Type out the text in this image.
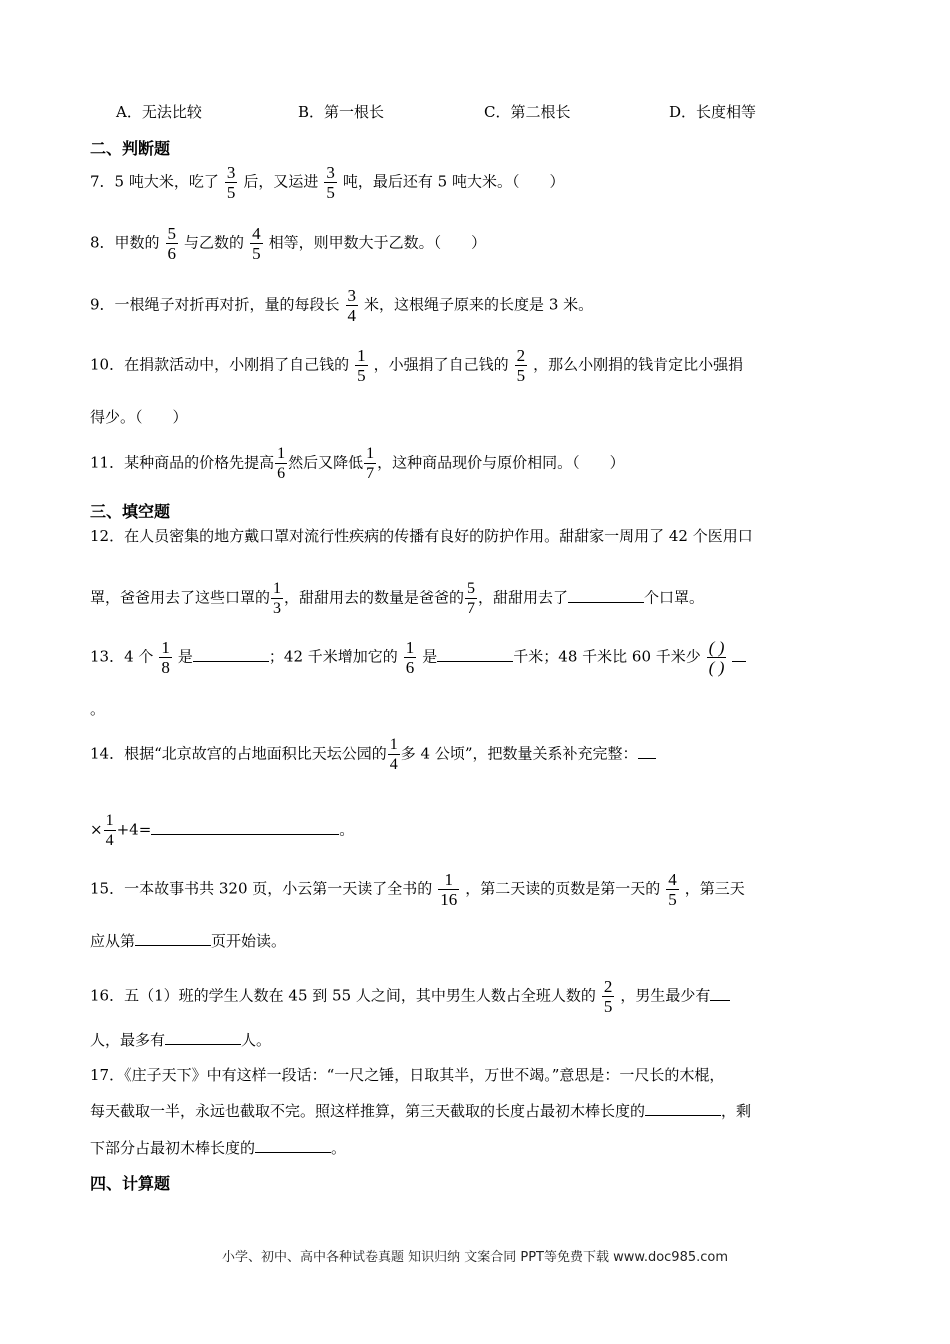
A．无法比较	B．第一根长	C．第二根长	D．长度相等
二、判断题
7．5 吨大米，吃了 $\frac{3}{5}$ 后，又运进 $\frac{3}{5}$ 吨，最后还有 5 吨大米。（　　）
8．甲数的 $\frac{5}{6}$ 与乙数的 $\frac{4}{5}$ 相等，则甲数大于乙数。（　　）
9．一根绳子对折再对折，量的每段长 $\frac{3}{4}$ 米，这根绳子原来的长度是 3 米。
10．在捐款活动中，小刚捐了自己钱的 $\frac{1}{5}$ ，小强捐了自己钱的 $\frac{2}{5}$ ，那么小刚捐的钱肯定比小强捐
得少。（　　）
11．某种商品的价格先提高 $\frac{1}{6}$ 然后又降低 $\frac{1}{7}$ ，这种商品现价与原价相同。（　　）
三、填空题
12．在人员密集的地方戴口罩对流行性疾病的传播有良好的防护作用。甜甜家一周用了 42 个医用口
罩，爸爸用去了这些口罩的 $\frac{1}{3}$ ，甜甜用去的数量是爸爸的 $\frac{5}{7}$ ，甜甜用去了	个口罩。
13．4 个 $\frac{1}{8}$ 是	；42 千米增加它的 $\frac{1}{6}$ 是	千米；48 千米比 60 千米少 $\frac{( )}{( )}$
。
14．根据“北京故宫的占地面积比天坛公园的 $\frac{1}{4}$ 多 4 公顷”，把数量关系补充完整：
× $\frac{1}{4} +4=$	。
15．一本故事书共 320 页，小云第一天读了全书的 $\frac{1}{16}$ ，第二天读的页数是第一天的 $\frac{4}{5}$ ，第三天
应从第	页开始读。
16．五（1）班的学生人数在 45 到 55 人之间，其中男生人数占全班人数的 $\frac{2}{5}$ ，男生最少有
人，最多有	人。
17．《庄子天下》中有这样一段话：“一尺之锤，日取其半，万世不竭。”意思是：一尺长的木棍，
每天截取一半，永远也截取不完。照这样推算，第三天截取的长度占最初木棒长度的	，剩
下部分占最初木棒长度的	。
四、计算题
小学、初中、高中各种试卷真题 知识归纳 文案合同 PPT等免费下载 www.doc985.com
